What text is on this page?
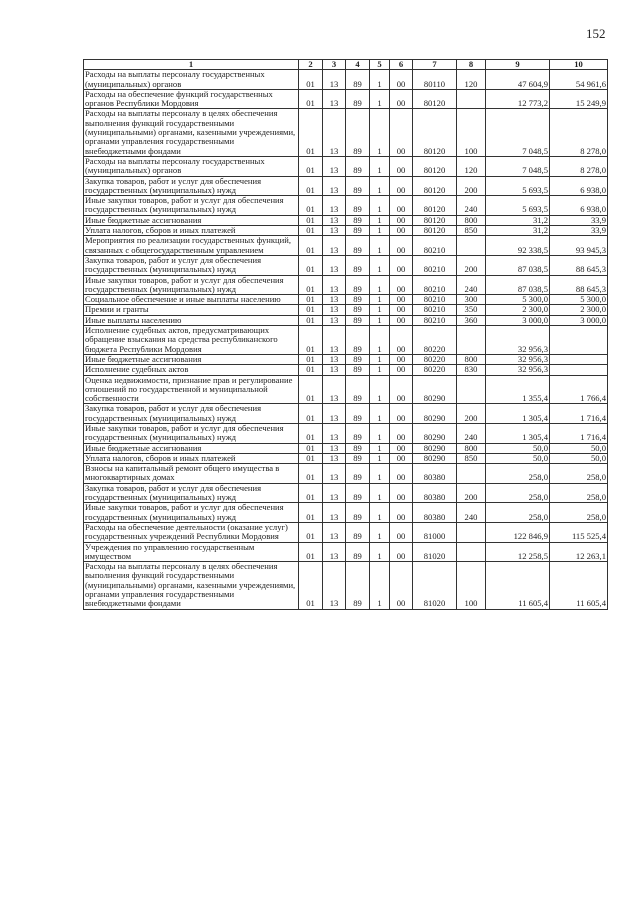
152
1	2	3	4	5	6	7	8	9	10
Расходы на выплаты персоналу государственных (муниципальных) органов	01	13	89	1	00	80110	120	47 604,9	54 961,6
Расходы на обеспечение функций государственных органов Республики Мордовия	01	13	89	1	00	80120		12 773,2	15 249,9
Расходы на выплаты персоналу в целях обеспечения выполнения функций государственными (муниципальными) органами, казенными учреждениями, органами управления государственными внебюджетными фондами	01	13	89	1	00	80120	100	7 048,5	8 278,0
Расходы на выплаты персоналу государственных (муниципальных) органов	01	13	89	1	00	80120	120	7 048,5	8 278,0
Закупка товаров, работ и услуг для обеспечения государственных (муниципальных) нужд	01	13	89	1	00	80120	200	5 693,5	6 938,0
Иные закупки товаров, работ и услуг для обеспечения государственных (муниципальных) нужд	01	13	89	1	00	80120	240	5 693,5	6 938,0
Иные бюджетные ассигнования	01	13	89	1	00	80120	800	31,2	33,9
Уплата налогов, сборов и иных платежей	01	13	89	1	00	80120	850	31,2	33,9
Мероприятия по реализации государственных функций, связанных с общегосударственным управлением	01	13	89	1	00	80210		92 338,5	93 945,3
Закупка товаров, работ и услуг для обеспечения государственных (муниципальных) нужд	01	13	89	1	00	80210	200	87 038,5	88 645,3
Иные закупки товаров, работ и услуг для обеспечения государственных (муниципальных) нужд	01	13	89	1	00	80210	240	87 038,5	88 645,3
Социальное обеспечение и иные выплаты населению	01	13	89	1	00	80210	300	5 300,0	5 300,0
Премии и гранты	01	13	89	1	00	80210	350	2 300,0	2 300,0
Иные выплаты населению	01	13	89	1	00	80210	360	3 000,0	3 000,0
Исполнение судебных актов, предусматривающих обращение взыскания на средства республиканского бюджета Республики Мордовия	01	13	89	1	00	80220		32 956,3	
Иные бюджетные ассигнования	01	13	89	1	00	80220	800	32 956,3	
Исполнение судебных актов	01	13	89	1	00	80220	830	32 956,3	
Оценка недвижимости, признание прав и регулирование отношений по государственной и муниципальной собственности	01	13	89	1	00	80290		1 355,4	1 766,4
Закупка товаров, работ и услуг для обеспечения государственных (муниципальных) нужд	01	13	89	1	00	80290	200	1 305,4	1 716,4
Иные закупки товаров, работ и услуг для обеспечения государственных (муниципальных) нужд	01	13	89	1	00	80290	240	1 305,4	1 716,4
Иные бюджетные ассигнования	01	13	89	1	00	80290	800	50,0	50,0
Уплата налогов, сборов и иных платежей	01	13	89	1	00	80290	850	50,0	50,0
Взносы на капитальный ремонт общего имущества в многоквартирных домах	01	13	89	1	00	80380		258,0	258,0
Закупка товаров, работ и услуг для обеспечения государственных (муниципальных) нужд	01	13	89	1	00	80380	200	258,0	258,0
Иные закупки товаров, работ и услуг для обеспечения государственных (муниципальных) нужд	01	13	89	1	00	80380	240	258,0	258,0
Расходы на обеспечение деятельности (оказание услуг) государственных учреждений Республики Мордовия	01	13	89	1	00	81000		122 846,9	115 525,4
Учреждения по управлению государственным имуществом	01	13	89	1	00	81020		12 258,5	12 263,1
Расходы на выплаты персоналу в целях обеспечения выполнения функций государственными (муниципальными) органами, казенными учреждениями, органами управления государственными внебюджетными фондами	01	13	89	1	00	81020	100	11 605,4	11 605,4
